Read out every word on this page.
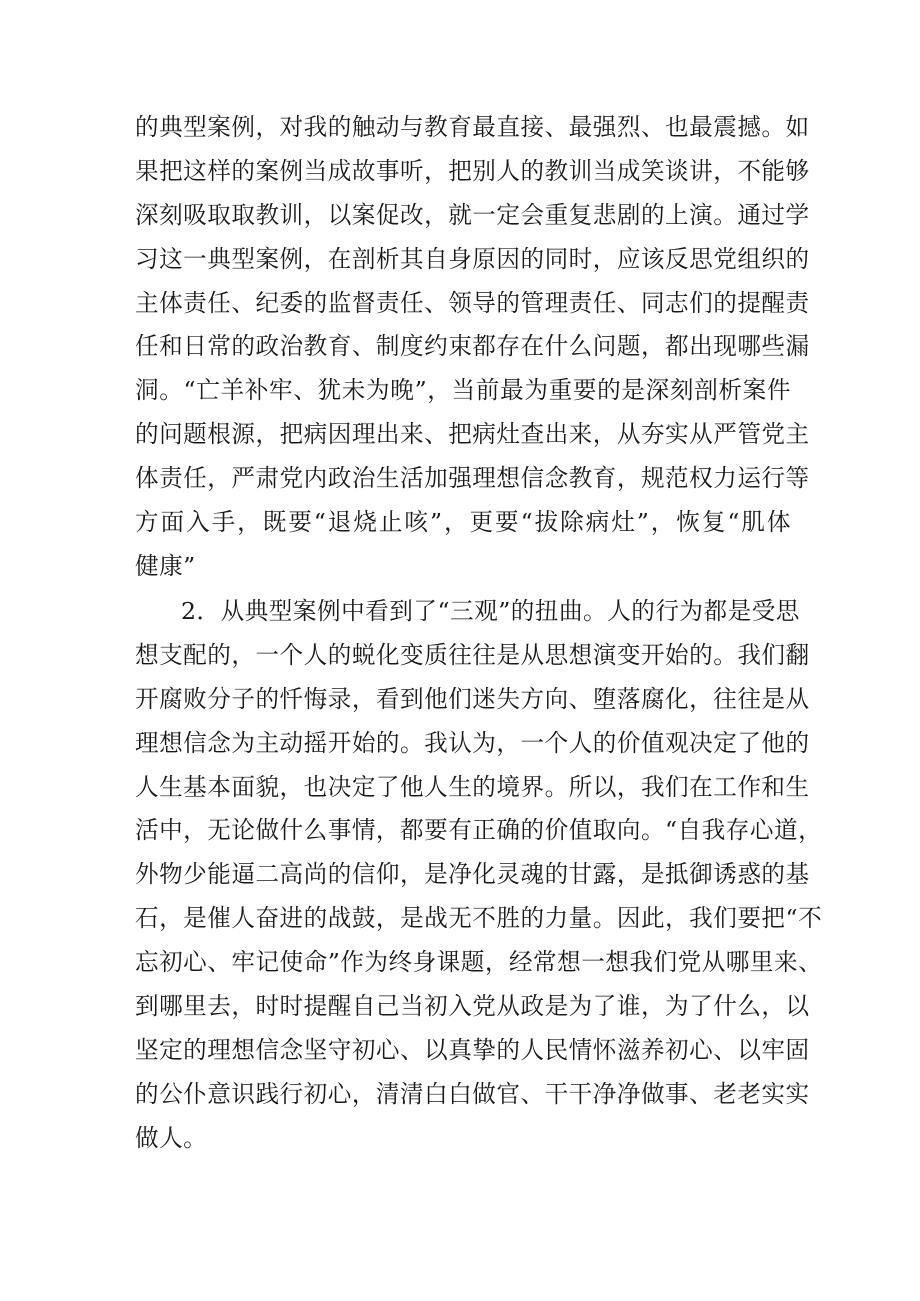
的典型案例，对我的触动与教育最直接、最强烈、也最震撼。如
果把这样的案例当成故事听，把别人的教训当成笑谈讲，不能够
深刻吸取取教训，以案促改，就一定会重复悲剧的上演。通过学
习这一典型案例，在剖析其自身原因的同时，应该反思党组织的
主体责任、纪委的监督责任、领导的管理责任、同志们的提醒责
任和日常的政治教育、制度约束都存在什么问题，都出现哪些漏
洞。“亡羊补牢、犹未为晚”，当前最为重要的是深刻剖析案件
的问题根源，把病因理出来、把病灶查出来，从夯实从严管党主
体责任，严肃党内政治生活加强理想信念教育，规范权力运行等
方面入手，既要“退烧止咳”，更要“拔除病灶”，恢复“肌体
健康”
2．从典型案例中看到了“三观”的扭曲。人的行为都是受思
想支配的，一个人的蜕化变质往往是从思想演变开始的。我们翻
开腐败分子的忏悔录，看到他们迷失方向、堕落腐化，往往是从
理想信念为主动摇开始的。我认为，一个人的价值观决定了他的
人生基本面貌，也决定了他人生的境界。所以，我们在工作和生
活中，无论做什么事情，都要有正确的价值取向。“自我存心道，
外物少能逼二高尚的信仰，是净化灵魂的甘露，是抵御诱惑的基
石，是催人奋进的战鼓，是战无不胜的力量。因此，我们要把“不
忘初心、牢记使命”作为终身课题，经常想一想我们党从哪里来、
到哪里去，时时提醒自己当初入党从政是为了谁，为了什么，以
坚定的理想信念坚守初心、以真挚的人民情怀滋养初心、以牢固
的公仆意识践行初心，清清白白做官、干干净净做事、老老实实
做人。
